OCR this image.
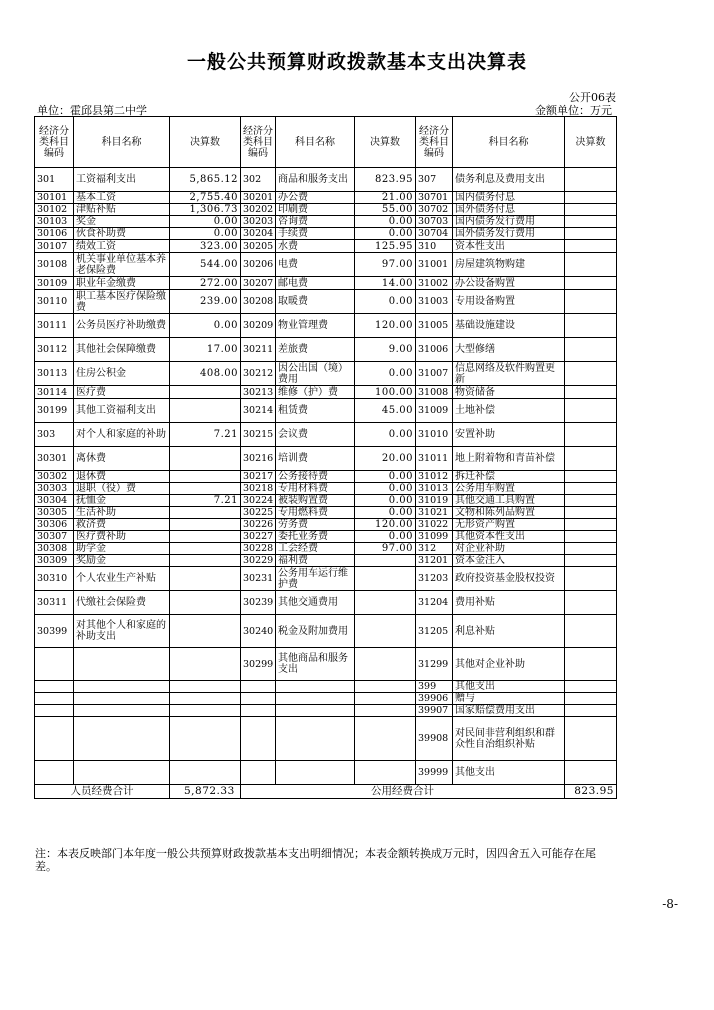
一般公共预算财政拨款基本支出决算表
公开06表
单位：霍邱县第二中学	金额单位：万元
经济分类科目编码	科目名称	决算数	经济分类科目编码	科目名称	决算数	经济分类科目编码	科目名称	决算数
301	工资福利支出	5,865.12	302	商品和服务支出	823.95	307	债务利息及费用支出	
30101	基本工资	2,755.40	30201	办公费	21.00	30701	国内债务付息	
30102	津贴补贴	1,306.73	30202	印刷费	55.00	30702	国外债务付息	
30103	奖金	0.00	30203	咨询费	0.00	30703	国内债务发行费用	
30106	伙食补助费	0.00	30204	手续费	0.00	30704	国外债务发行费用	
30107	绩效工资	323.00	30205	水费	125.95	310	资本性支出	
30108	机关事业单位基本养老保险费	544.00	30206	电费	97.00	31001	房屋建筑物购建	
30109	职业年金缴费	272.00	30207	邮电费	14.00	31002	办公设备购置	
30110	职工基本医疗保险缴费	239.00	30208	取暖费	0.00	31003	专用设备购置	
30111	公务员医疗补助缴费	0.00	30209	物业管理费	120.00	31005	基础设施建设	
30112	其他社会保障缴费	17.00	30211	差旅费	9.00	31006	大型修缮	
30113	住房公积金	408.00	30212	因公出国（境）费用	0.00	31007	信息网络及软件购置更新	
30114	医疗费		30213	维修（护）费	100.00	31008	物资储备	
30199	其他工资福利支出		30214	租赁费	45.00	31009	土地补偿	
303	对个人和家庭的补助	7.21	30215	会议费	0.00	31010	安置补助	
30301	离休费		30216	培训费	20.00	31011	地上附着物和青苗补偿	
30302	退休费		30217	公务接待费	0.00	31012	拆迁补偿	
30303	退职（役）费		30218	专用材料费	0.00	31013	公务用车购置	
30304	抚恤金	7.21	30224	被装购置费	0.00	31019	其他交通工具购置	
30305	生活补助		30225	专用燃料费	0.00	31021	文物和陈列品购置	
30306	救济费		30226	劳务费	120.00	31022	无形资产购置	
30307	医疗费补助		30227	委托业务费	0.00	31099	其他资本性支出	
30308	助学金		30228	工会经费	97.00	312	对企业补助	
30309	奖励金		30229	福利费		31201	资本金注入	
30310	个人农业生产补贴		30231	公务用车运行维护费		31203	政府投资基金股权投资	
30311	代缴社会保险费		30239	其他交通费用		31204	费用补贴	
30399	对其他个人和家庭的补助支出		30240	税金及附加费用		31205	利息补贴	
			30299	其他商品和服务支出		31299	其他对企业补助	
						399	其他支出	
						39906	赠与	
						39907	国家赔偿费用支出	
						39908	对民间非营利组织和群众性自治组织补贴	
						39999	其他支出	
人员经费合计		5,872.33	公用经费合计					823.95
注：本表反映部门本年度一般公共预算财政拨款基本支出明细情况；本表金额转换成万元时，因四舍五入可能存在尾差。
-8-
